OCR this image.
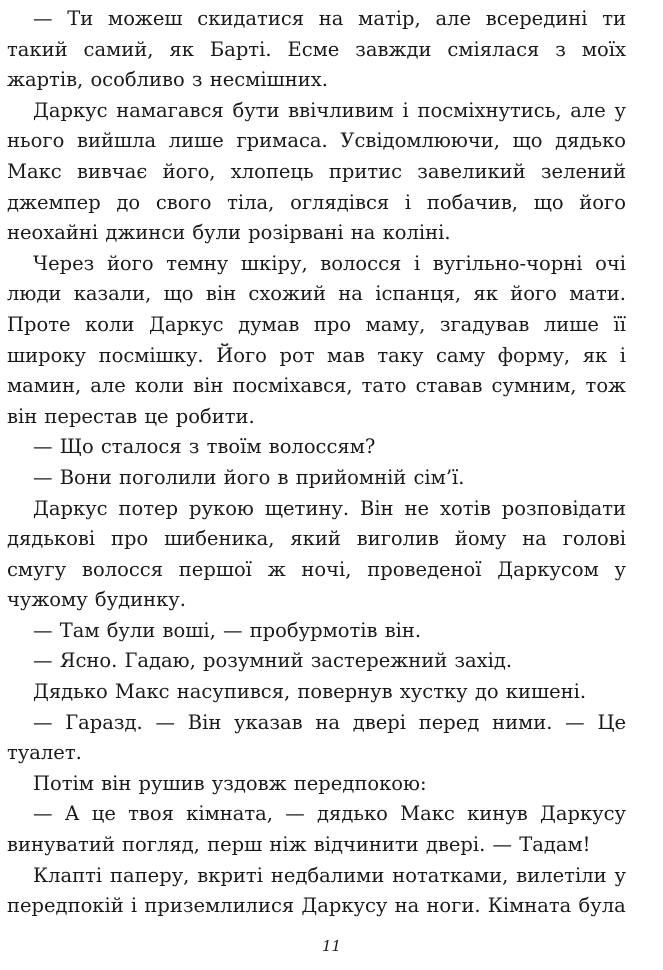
— Ти можеш скидатися на матір, але всередині ти такий самий, як Барті. Есме завжди сміялася з моїх жартів, особливо з несмішних.

Даркус намагався бути ввічливим і посміхнутись, але у нього вийшла лише гримаса. Усвідомлюючи, що дядько Макс вивчає його, хлопець притис завеликий зелений джемпер до свого тіла, оглядівся і побачив, що його неохайні джинси були розірвані на коліні.

Через його темну шкіру, волосся і вугільно-чорні очі люди казали, що він схожий на іспанця, як його мати. Проте коли Даркус думав про маму, згадував лише її широку посмішку. Його рот мав таку саму форму, як і мамин, але коли він посміхався, тато ставав сумним, тож він перестав це робити.

— Що сталося з твоїм волоссям?

— Вони поголили його в прийомній сім’ї.

Даркус потер рукою щетину. Він не хотів розповідати дядькові про шибеника, який виголив йому на голові смугу волосся першої ж ночі, проведеної Даркусом у чужому будинку.

— Там були воші, — пробурмотів він.

— Ясно. Гадаю, розумний застережний захід.

Дядько Макс насупився, повернув хустку до кишені.

— Гаразд. — Він указав на двері перед ними. — Це туалет.

Потім він рушив уздовж передпокою:

— А це твоя кімната, — дядько Макс кинув Даркусу винуватий погляд, перш ніж відчинити двері. — Тадам!

Клапті паперу, вкриті недбалими нотатками, вилетіли у передпокій і приземлилися Даркусу на ноги. Кімната була

11
